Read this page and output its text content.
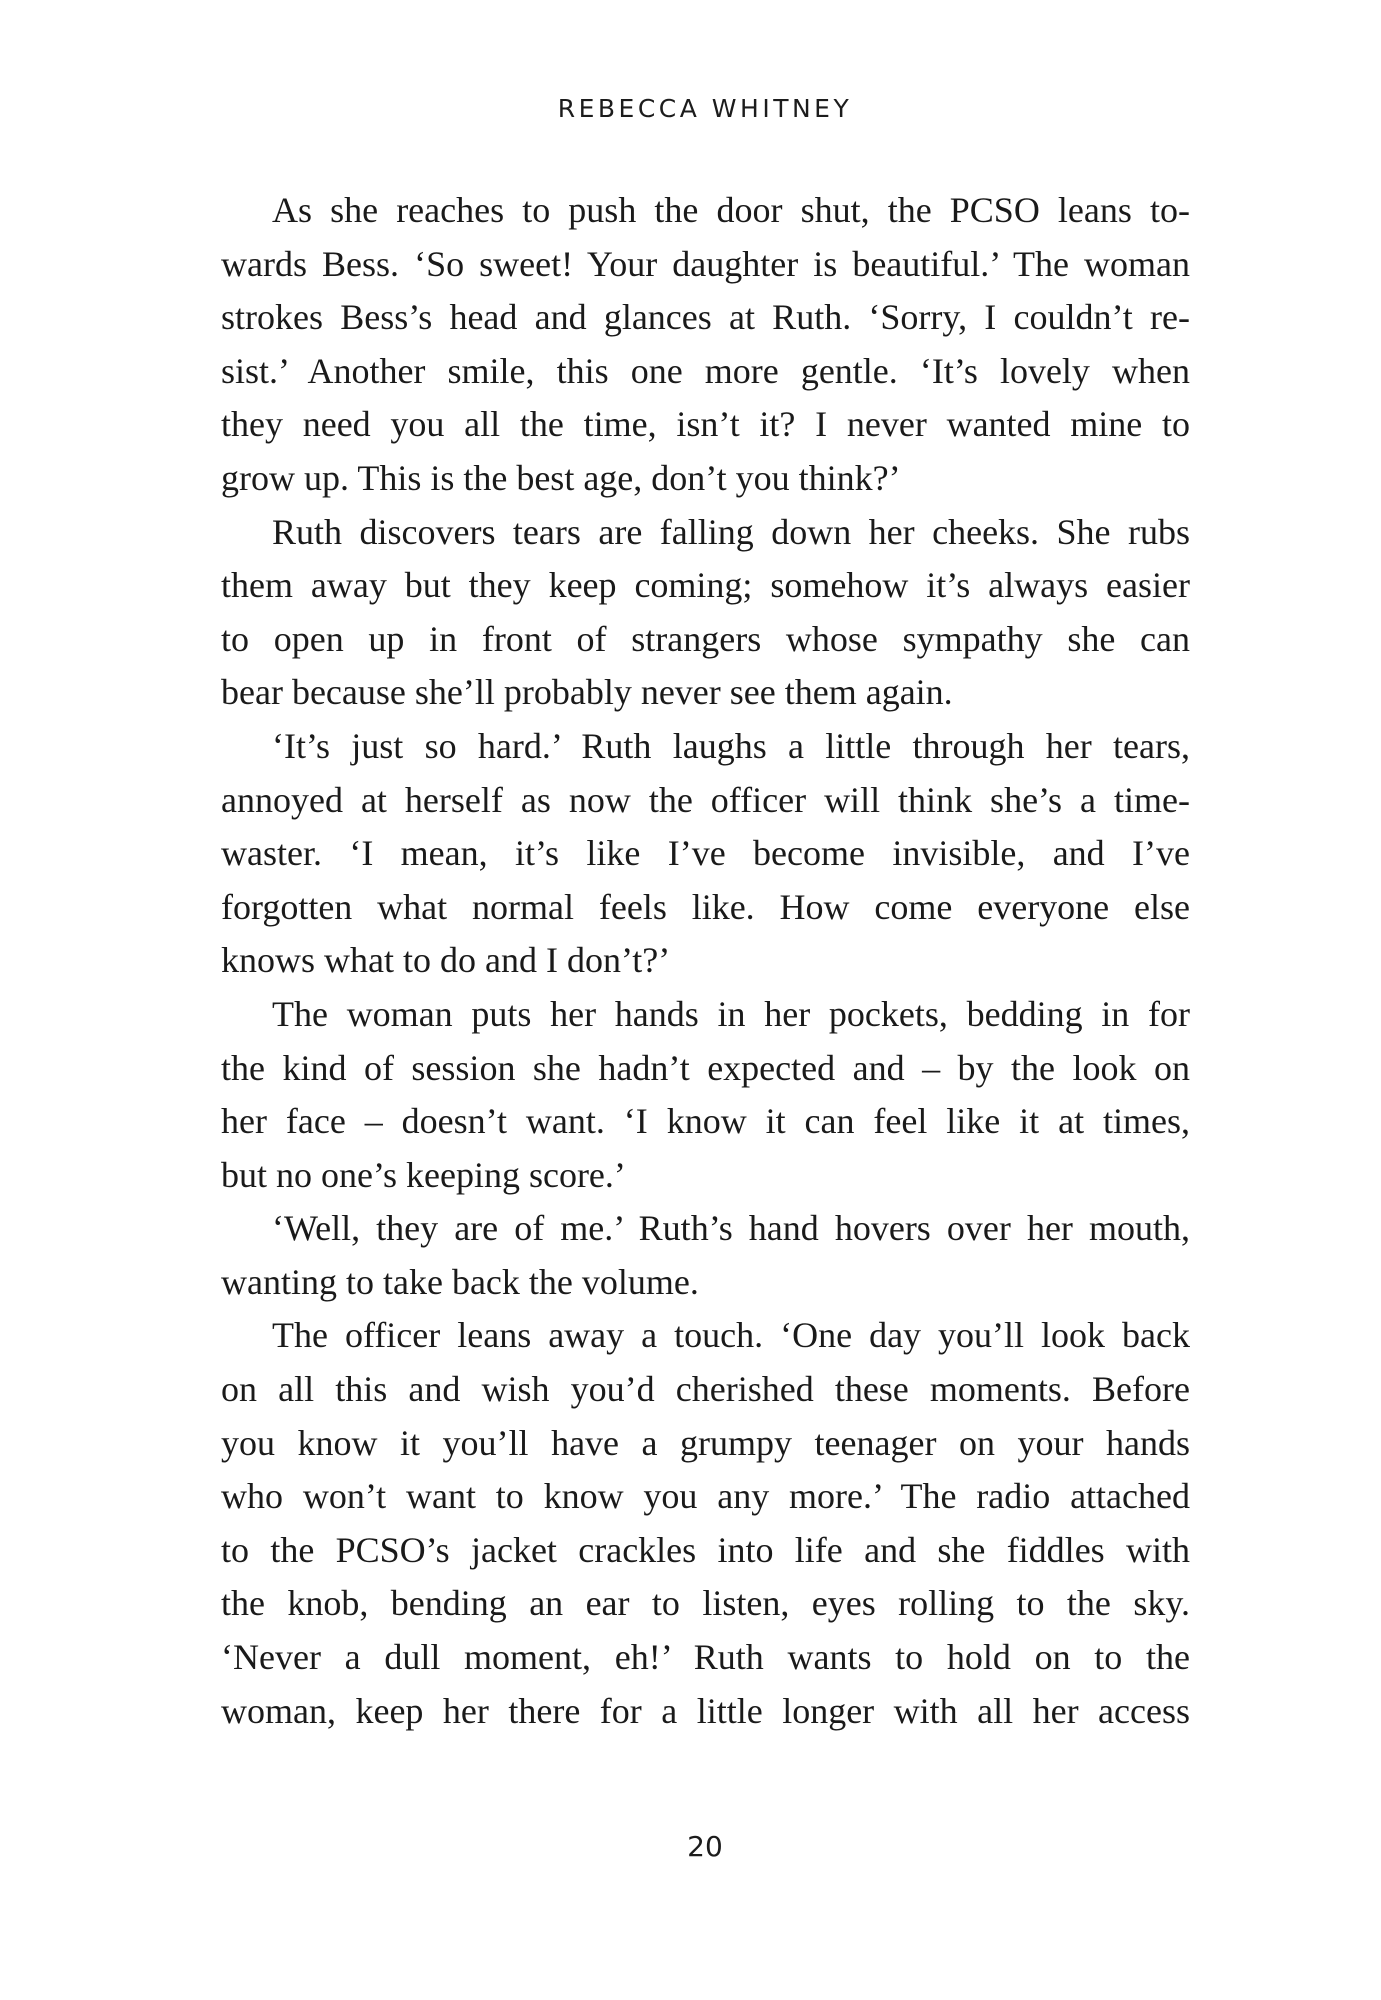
REBECCA WHITNEY
As she reaches to push the door shut, the PCSO leans to-
wards Bess. ‘So sweet! Your daughter is beautiful.’ The woman
strokes Bess’s head and glances at Ruth. ‘Sorry, I couldn’t re-
sist.’ Another smile, this one more gentle. ‘It’s lovely when
they need you all the time, isn’t it? I never wanted mine to
grow up. This is the best age, don’t you think?’
Ruth discovers tears are falling down her cheeks. She rubs
them away but they keep coming; somehow it’s always easier
to open up in front of strangers whose sympathy she can
bear because she’ll probably never see them again.
‘It’s just so hard.’ Ruth laughs a little through her tears,
annoyed at herself as now the officer will think she’s a time-
waster. ‘I mean, it’s like I’ve become invisible, and I’ve
forgotten what normal feels like. How come everyone else
knows what to do and I don’t?’
The woman puts her hands in her pockets, bedding in for
the kind of session she hadn’t expected and – by the look on
her face – doesn’t want. ‘I know it can feel like it at times,
but no one’s keeping score.’
‘Well, they are of me.’ Ruth’s hand hovers over her mouth,
wanting to take back the volume.
The officer leans away a touch. ‘One day you’ll look back
on all this and wish you’d cherished these moments. Before
you know it you’ll have a grumpy teenager on your hands
who won’t want to know you any more.’ The radio attached
to the PCSO’s jacket crackles into life and she fiddles with
the knob, bending an ear to listen, eyes rolling to the sky.
‘Never a dull moment, eh!’ Ruth wants to hold on to the
woman, keep her there for a little longer with all her access
20
